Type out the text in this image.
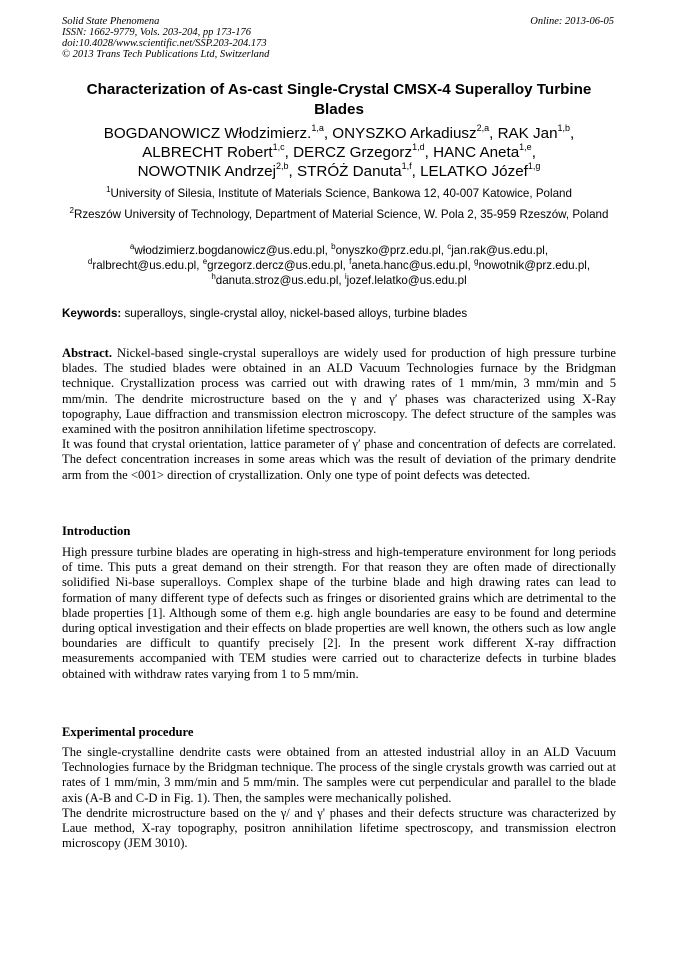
Solid State Phenomena
ISSN: 1662-9779, Vols. 203-204, pp 173-176
doi:10.4028/www.scientific.net/SSP.203-204.173
© 2013 Trans Tech Publications Ltd, Switzerland
Online: 2013-06-05
Characterization of As-cast Single-Crystal CMSX-4 Superalloy Turbine Blades
BOGDANOWICZ Włodzimierz.$^{1,a}$, ONYSZKO Arkadiusz$^{2,a}$, RAK Jan$^{1,b}$,
ALBRECHT Robert$^{1,c}$, DERCZ Grzegorz$^{1,d}$, HANC Aneta$^{1,e}$,
NOWOTNIK Andrzej$^{2,b}$, STRÓŻ Danuta$^{1,f}$, LELATKO Józef$^{1,g}$
$^1$University of Silesia, Institute of Materials Science, Bankowa 12, 40-007 Katowice, Poland
$^2$Rzeszów University of Technology, Department of Material Science, W. Pola 2, 35-959 Rzeszów, Poland
$^a$włodzimierz.bogdanowicz@us.edu.pl, $^b$onyszko@prz.edu.pl, $^c$jan.rak@us.edu.pl,
$^d$ralbrecht@us.edu.pl, $^e$grzegorz.dercz@us.edu.pl, $^f$aneta.hanc@us.edu.pl, $^g$nowotnik@prz.edu.pl,
$^h$danuta.stroz@us.edu.pl, $^i$jozef.lelatko@us.edu.pl
Keywords: superalloys, single-crystal alloy, nickel-based alloys, turbine blades

Abstract. Nickel-based single-crystal superalloys are widely used for production of high pressure turbine blades. The studied blades were obtained in an ALD Vacuum Technologies furnace by the Bridgman technique. Crystallization process was carried out with drawing rates of 1 mm/min, 3 mm/min and 5 mm/min. The dendrite microstructure based on the γ and γ′ phases was characterized using X-Ray topography, Laue diffraction and transmission electron microscopy. The defect structure of the samples was examined with the positron annihilation lifetime spectroscopy.

It was found that crystal orientation, lattice parameter of γ′ phase and concentration of defects are correlated. The defect concentration increases in some areas which was the result of deviation of the primary dendrite arm from the <001> direction of crystallization. Only one type of point defects was detected.

Introduction

High pressure turbine blades are operating in high-stress and high-temperature environment for long periods of time. This puts a great demand on their strength. For that reason they are often made of directionally solidified Ni-base superalloys. Complex shape of the turbine blade and high drawing rates can lead to formation of many different type of defects such as fringes or disoriented grains which are detrimental to the blade properties [1]. Although some of them e.g. high angle boundaries are easy to be found and determine during optical investigation and their effects on blade properties are well known, the others such as low angle boundaries are difficult to quantify precisely [2]. In the present work different X-ray diffraction measurements accompanied with TEM studies were carried out to characterize defects in turbine blades obtained with withdraw rates varying from 1 to 5 mm/min.

Experimental procedure

The single-crystalline dendrite casts were obtained from an attested industrial alloy in an ALD Vacuum Technologies furnace by the Bridgman technique. The process of the single crystals growth was carried out at rates of 1 mm/min, 3 mm/min and 5 mm/min. The samples were cut perpendicular and parallel to the blade axis (A-B and C-D in Fig. 1). Then, the samples were mechanically polished.

The dendrite microstructure based on the γ/ and γ' phases and their defects structure was characterized by Laue method, X-ray topography, positron annihilation lifetime spectroscopy, and transmission electron microscopy (JEM 3010).
